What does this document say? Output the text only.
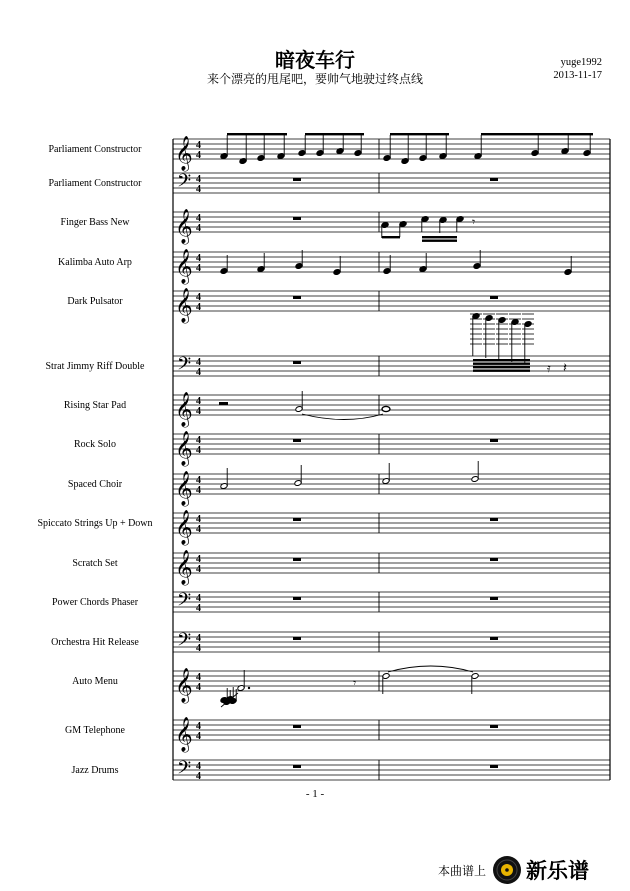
暗夜车行
来个漂亮的甩尾吧，要帅气地驶过终点线
yuge1992
2013-11-17
Parliament Constructor 𝄞 4
4
Parliament Constructor 𝄢 4
4
Finger Bass New 𝄞 4
4
Kalimba Auto Arp 𝄞 4
4
Dark Pulsator 𝄞 4
4
Strat Jimmy Riff Double 𝄢 4
4
Rising Star Pad 𝄞 4
4
Rock Solo 𝄞 4
4
Spaced Choir 𝄞 4
4
Spiccato Strings Up + Down 𝄞 4
4
Scratch Set 𝄞 4
4
Power Chords Phaser 𝄢 4
4
Orchestra Hit Release 𝄢 4
4
Auto Menu 𝄞 4
4
GM Telephone 𝄞 4
4
Jazz Drums	𝄢 4
4
𝄾
𝄿 𝄽
𝄾
- 1 -
本曲谱上 新乐谱
